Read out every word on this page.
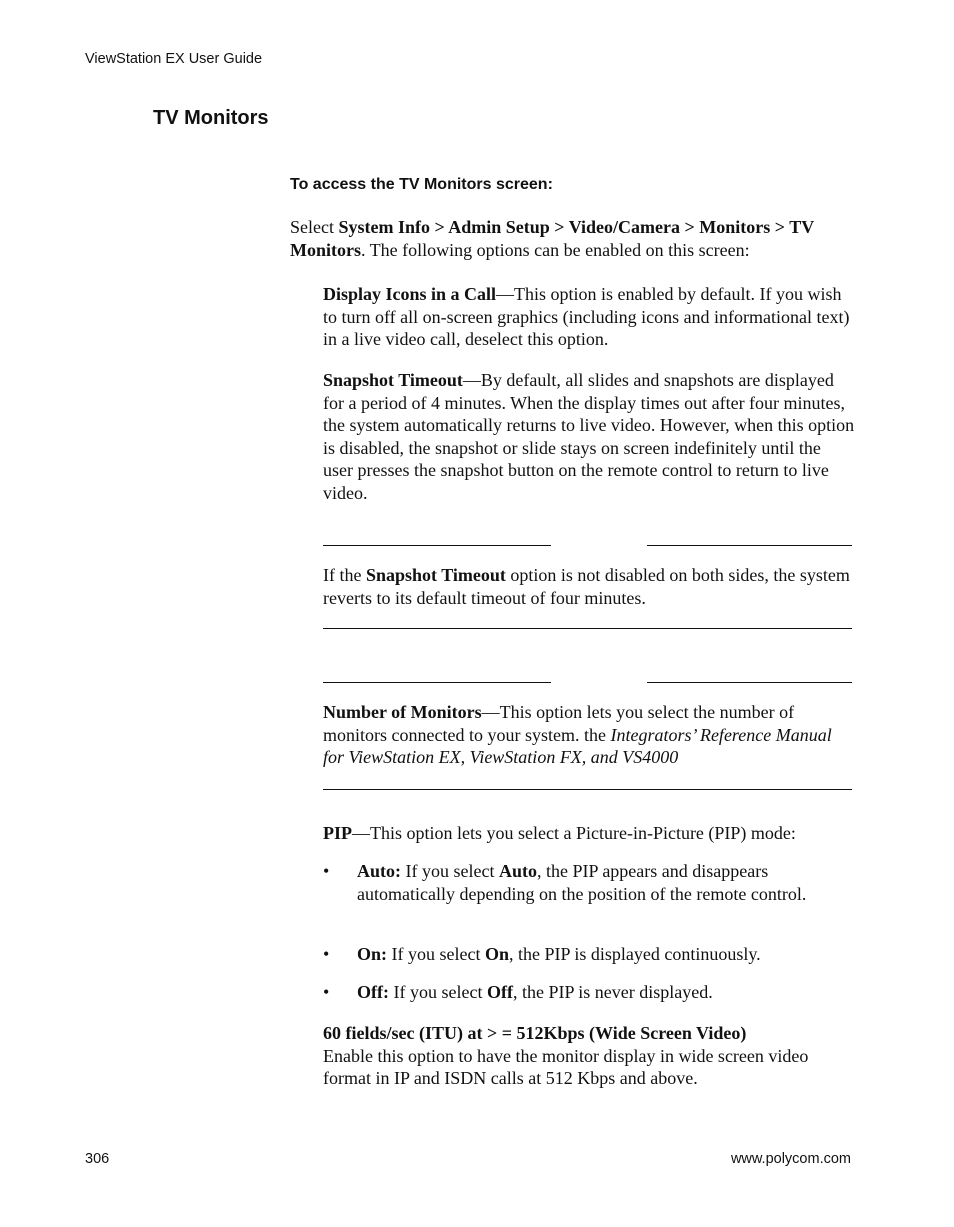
ViewStation EX User Guide
TV Monitors
To access the TV Monitors screen:
Select System Info > Admin Setup > Video/Camera > Monitors > TV Monitors. The following options can be enabled on this screen:
Display Icons in a Call—This option is enabled by default. If you wish to turn off all on-screen graphics (including icons and informational text) in a live video call, deselect this option.
Snapshot Timeout—By default, all slides and snapshots are displayed for a period of 4 minutes. When the display times out after four minutes, the system automatically returns to live video. However, when this option is disabled, the snapshot or slide stays on screen indefinitely until the user presses the snapshot button on the remote control to return to live video.
If the Snapshot Timeout option is not disabled on both sides, the system reverts to its default timeout of four minutes.
Number of Monitors—This option lets you select the number of monitors connected to your system. the Integrators’ Reference Manual for ViewStation EX, ViewStation FX, and VS4000
PIP—This option lets you select a Picture-in-Picture (PIP) mode:
• Auto: If you select Auto, the PIP appears and disappears automatically depending on the position of the remote control.
• On: If you select On, the PIP is displayed continuously.
• Off: If you select Off, the PIP is never displayed.
60 fields/sec (ITU) at > = 512Kbps (Wide Screen Video)
Enable this option to have the monitor display in wide screen video format in IP and ISDN calls at 512 Kbps and above.
306	www.polycom.com
